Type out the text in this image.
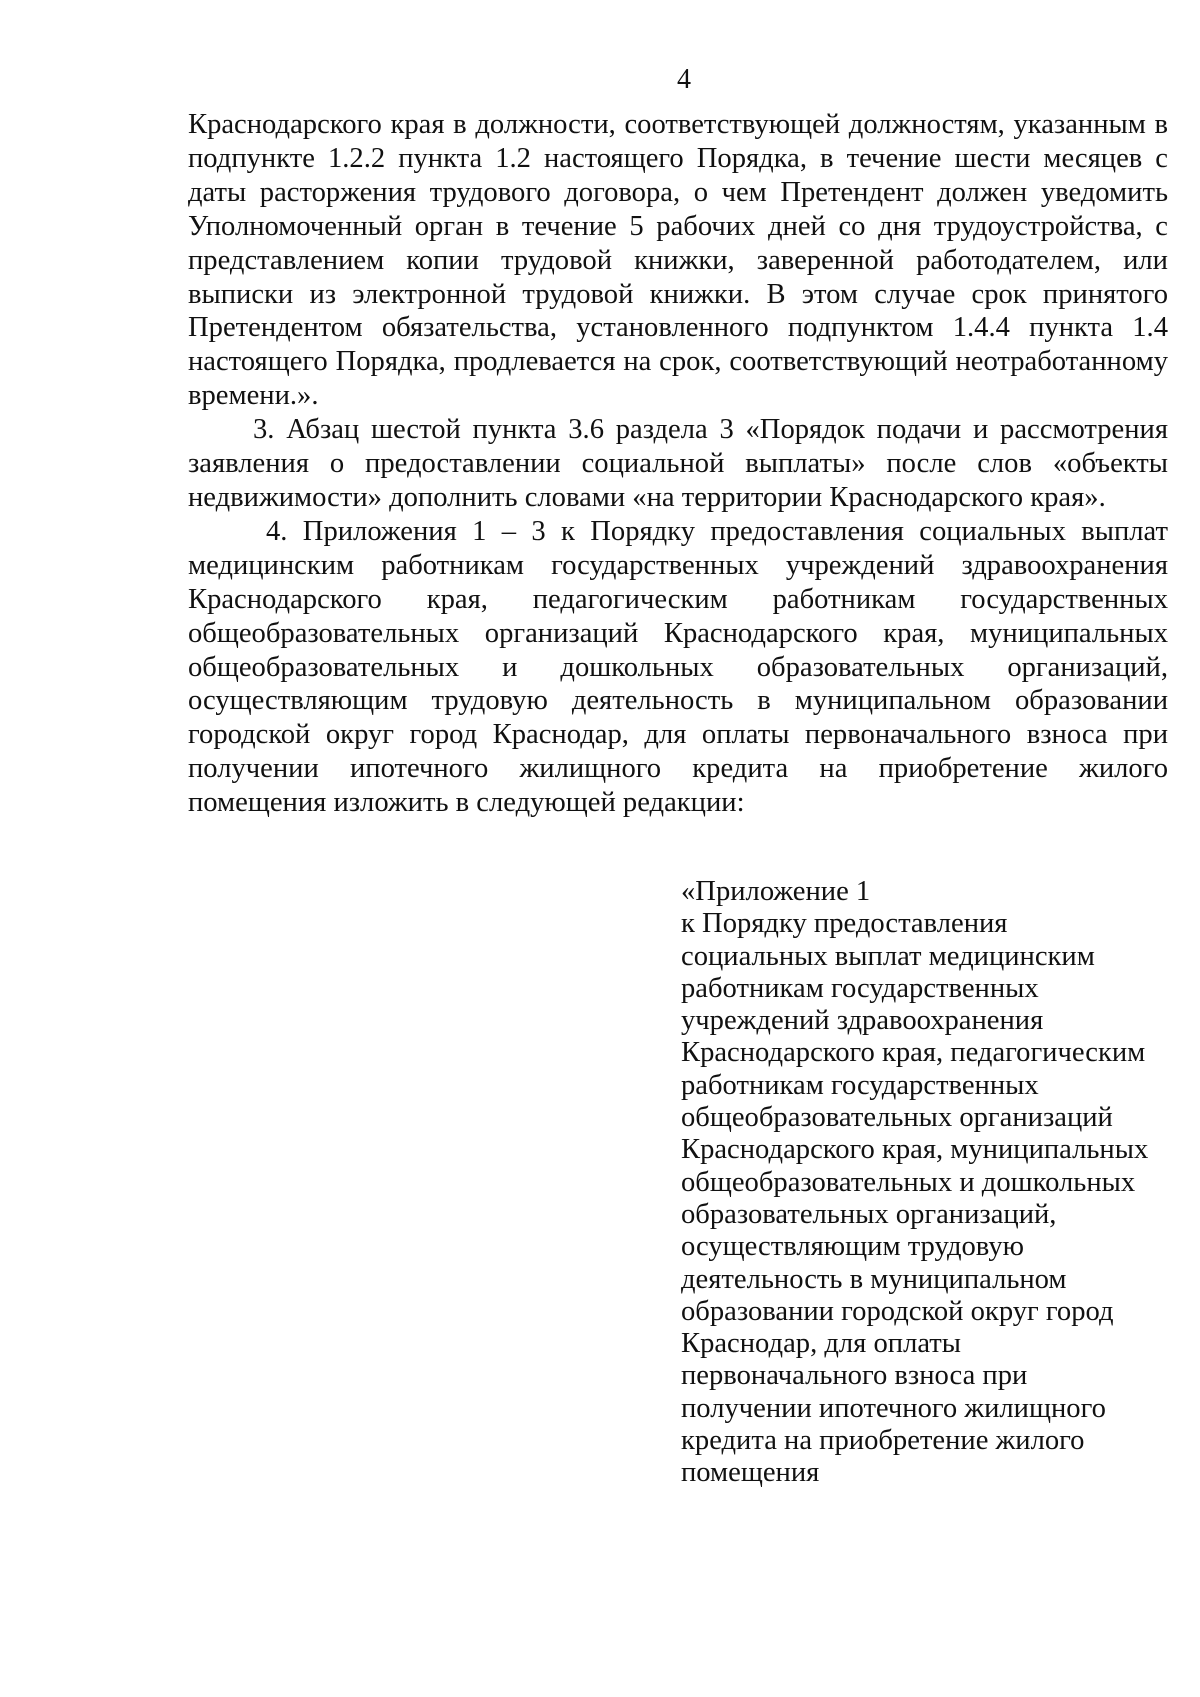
4

Краснодарского края в должности, соответствующей должностям, указанным в подпункте 1.2.2 пункта 1.2 настоящего Порядка, в течение шести месяцев с даты расторжения трудового договора, о чем Претендент должен уведомить Уполномоченный орган в течение 5 рабочих дней со дня трудоустройства, с представлением копии трудовой книжки, заверенной работодателем, или выписки из электронной трудовой книжки. В этом случае срок принятого Претендентом обязательства, установленного подпунктом 1.4.4 пункта 1.4 настоящего Порядка, продлевается на срок, соответствующий неотработанному времени.».

3. Абзац шестой пункта 3.6 раздела 3 «Порядок подачи и рассмотрения заявления о предоставлении социальной выплаты» после слов «объекты недвижимости» дополнить словами «на территории Краснодарского края».

4. Приложения 1 – 3 к Порядку предоставления социальных выплат медицинским работникам государственных учреждений здравоохранения Краснодарского края, педагогическим работникам государственных общеобразовательных организаций Краснодарского края, муниципальных общеобразовательных и дошкольных образовательных организаций, осуществляющим трудовую деятельность в муниципальном образовании городской округ город Краснодар, для оплаты первоначального взноса при получении ипотечного жилищного кредита на приобретение жилого помещения изложить в следующей редакции:

«Приложение 1
к Порядку предоставления
социальных выплат медицинским
работникам государственных
учреждений здравоохранения
Краснодарского края, педагогическим
работникам государственных
общеобразовательных организаций
Краснодарского края, муниципальных
общеобразовательных и дошкольных
образовательных организаций,
осуществляющим трудовую
деятельность в муниципальном
образовании городской округ город
Краснодар, для оплаты
первоначального взноса при
получении ипотечного жилищного
кредита на приобретение жилого
помещения
